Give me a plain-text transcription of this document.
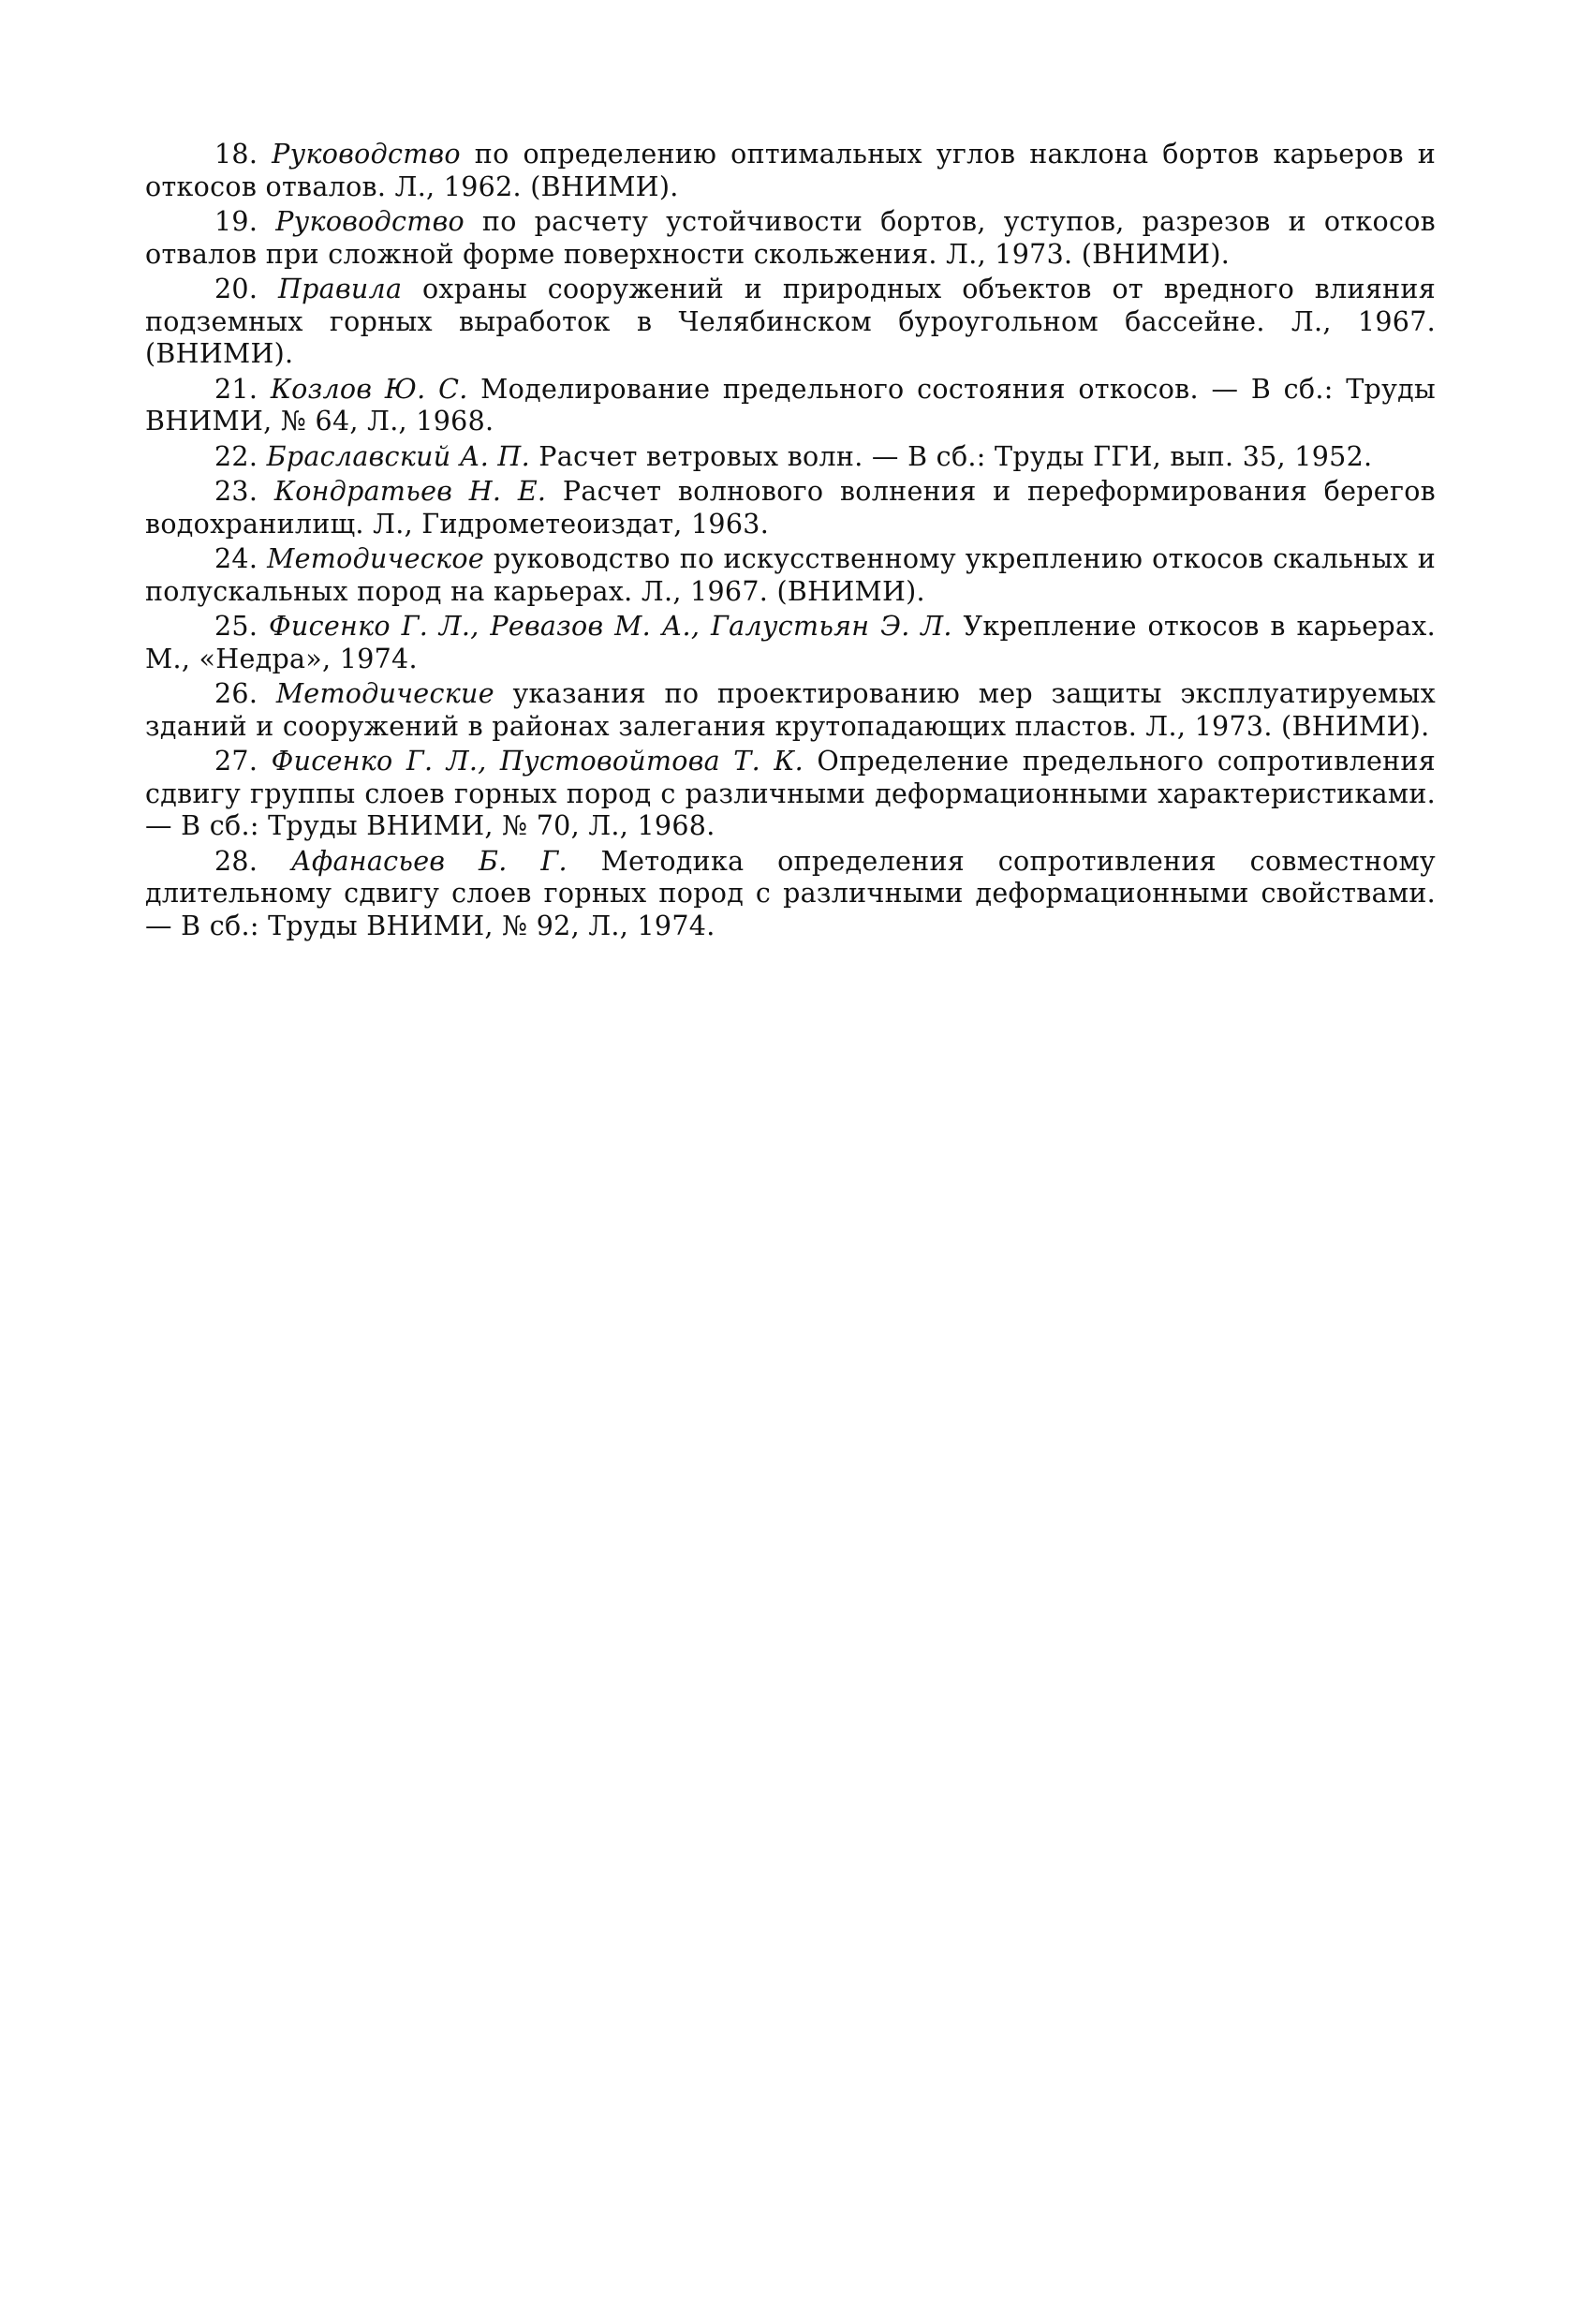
18. Руководство по определению оптимальных углов наклона бортов карьеров и откосов отвалов. Л., 1962. (ВНИМИ).

19. Руководство по расчету устойчивости бортов, уступов, разрезов и откосов отвалов при сложной форме поверхности скольжения. Л., 1973. (ВНИМИ).

20. Правила охраны сооружений и природных объектов от вредного влияния подземных горных выработок в Челябинском буроугольном бассейне. Л., 1967. (ВНИМИ).

21. Козлов Ю. С. Моделирование предельного состояния откосов. — В сб.: Труды ВНИМИ, № 64, Л., 1968.

22. Браславский А. П. Расчет ветровых волн. — В сб.: Труды ГГИ, вып. 35, 1952.

23. Кондратьев Н. Е. Расчет волнового волнения и переформирования берегов водохранилищ. Л., Гидрометеоиздат, 1963.

24. Методическое руководство по искусственному укреплению откосов скальных и полускальных пород на карьерах. Л., 1967. (ВНИМИ).

25. Фисенко Г. Л., Ревазов М. А., Галустьян Э. Л. Укрепление откосов в карьерах. М., «Недра», 1974.

26. Методические указания по проектированию мер защиты эксплуатируемых зданий и сооружений в районах залегания крутопадающих пластов. Л., 1973. (ВНИМИ).

27. Фисенко Г. Л., Пустовойтова Т. К. Определение предельного сопротивления сдвигу группы слоев горных пород с различными деформационными характеристиками. — В сб.: Труды ВНИМИ, № 70, Л., 1968.

28. Афанасьев Б. Г. Методика определения сопротивления совместному длительному сдвигу слоев горных пород с различными деформационными свойствами. — В сб.: Труды ВНИМИ, № 92, Л., 1974.
